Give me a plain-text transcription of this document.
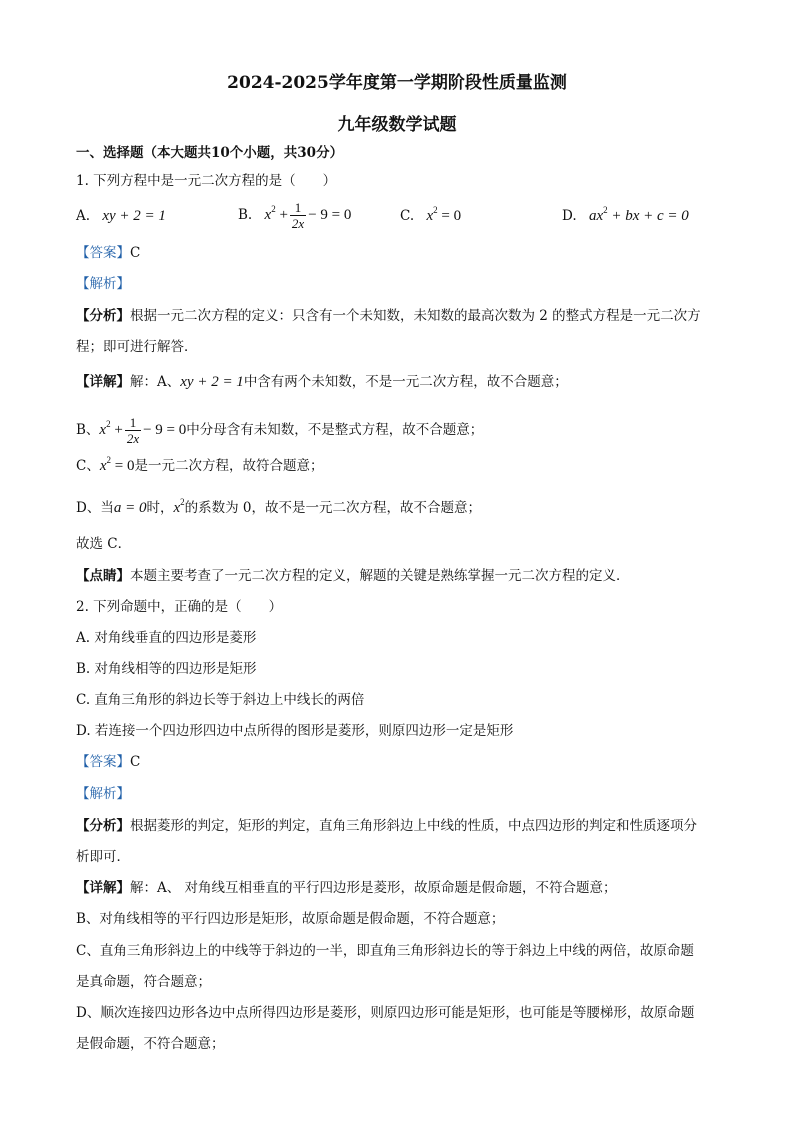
2024-2025学年度第一学期阶段性质量监测
九年级数学试题
一、选择题（本大题共10个小题，共30分）
1. 下列方程中是一元二次方程的是（　　）
A. xy + 2 = 1	B. $x^2 + \frac{1}{2x} - 9 = 0$	C. $x^2 = 0$	D. $ax^2$ + bx + c = 0
【答案】C
【解析】
【分析】根据一元二次方程的定义：只含有一个未知数，未知数的最高次数为 2 的整式方程是一元二次方
程；即可进行解答．
【详解】解：A、xy + 2 = 1中含有两个未知数，不是一元二次方程，故不合题意；
B、$x^2 + \frac{1}{2x} - 9 = 0$中分母含有未知数，不是整式方程，故不合题意；
C、$x^2 = 0$是一元二次方程，故符合题意；
D、当a = 0时，$x^2$的系数为 0，故不是一元二次方程，故不合题意；
故选 C．
【点睛】本题主要考查了一元二次方程的定义，解题的关键是熟练掌握一元二次方程的定义．
2. 下列命题中，正确的是（　　）
A. 对角线垂直的四边形是菱形
B. 对角线相等的四边形是矩形
C. 直角三角形的斜边长等于斜边上中线长的两倍
D. 若连接一个四边形四边中点所得的图形是菱形，则原四边形一定是矩形
【答案】C
【解析】
【分析】根据菱形的判定，矩形的判定，直角三角形斜边上中线的性质，中点四边形的判定和性质逐项分
析即可．
【详解】解：A、 对角线互相垂直的平行四边形是菱形，故原命题是假命题，不符合题意；
B、对角线相等的平行四边形是矩形，故原命题是假命题，不符合题意；
C、直角三角形斜边上的中线等于斜边的一半，即直角三角形斜边长的等于斜边上中线的两倍，故原命题
是真命题，符合题意；
D、顺次连接四边形各边中点所得四边形是菱形，则原四边形可能是矩形，也可能是等腰梯形，故原命题
是假命题，不符合题意；
